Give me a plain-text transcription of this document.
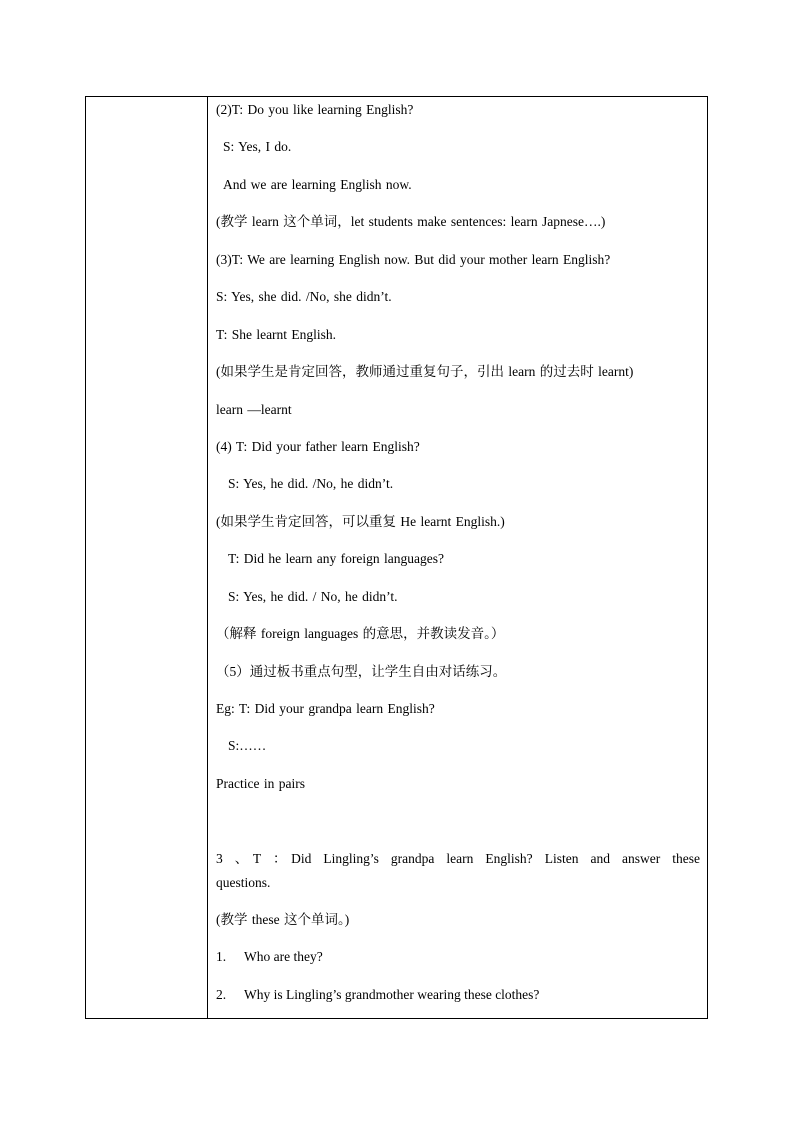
(2)T: Do you like learning English?
S: Yes, I do.
And we are learning English now.
(教学 learn 这个单词，let students make sentences: learn Japnese….)
(3)T: We are learning English now. But did your mother learn English?
S: Yes, she did. /No, she didn’t.
T: She learnt English.
(如果学生是肯定回答，教师通过重复句子，引出 learn 的过去时 learnt)
learn —learnt
(4) T: Did your father learn English?
S: Yes, he did. /No, he didn’t.
(如果学生肯定回答，可以重复 He learnt English.)
T: Did he learn any foreign languages?
S: Yes, he did. / No, he didn’t.
（解释 foreign languages 的意思，并教读发音。）
（5）通过板书重点句型，让学生自由对话练习。
Eg: T: Did your grandpa learn English?
S:……
Practice in pairs
3 、T ：Did Lingling’s grandpa learn English? Listen and answer these questions.
(教学 these 这个单词。)
1. Who are they?
2. Why is Lingling’s grandmother wearing these clothes?
